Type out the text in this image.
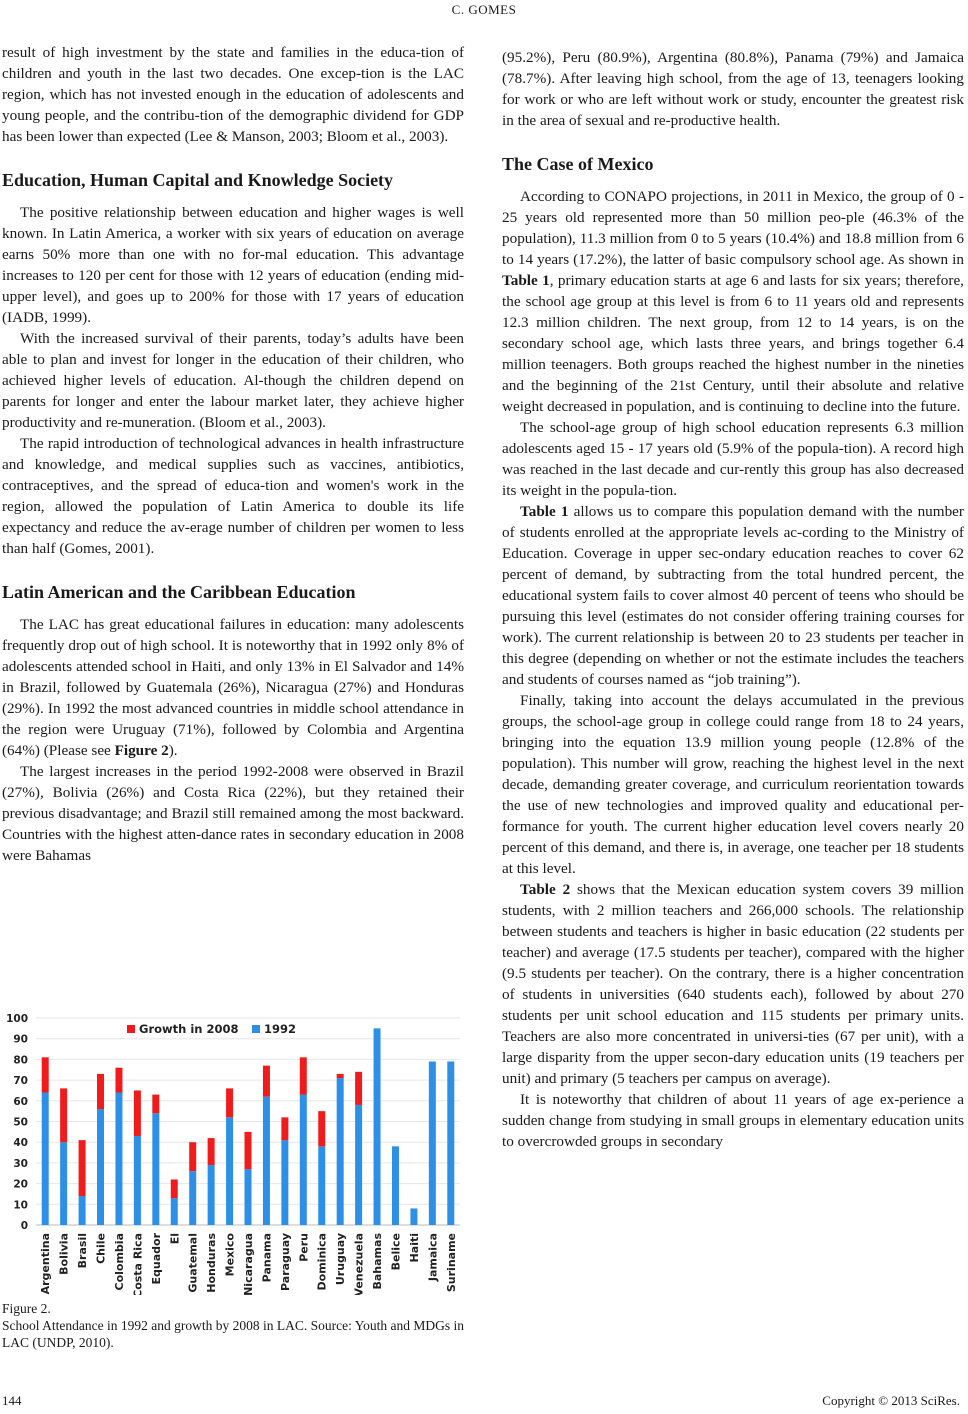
C. GOMES

result of high investment by the state and families in the educa-tion of children and youth in the last two decades. One excep-tion is the LAC region, which has not invested enough in the education of adolescents and young people, and the contribu-tion of the demographic dividend for GDP has been lower than expected (Lee & Manson, 2003; Bloom et al., 2003).

Education, Human Capital and Knowledge Society

The positive relationship between education and higher wages is well known. In Latin America, a worker with six years of education on average earns 50% more than one with no for-mal education. This advantage increases to 120 per cent for those with 12 years of education (ending mid-upper level), and goes up to 200% for those with 17 years of education (IADB, 1999).

With the increased survival of their parents, today’s adults have been able to plan and invest for longer in the education of their children, who achieved higher levels of education. Al-though the children depend on parents for longer and enter the labour market later, they achieve higher productivity and re-muneration. (Bloom et al., 2003).

The rapid introduction of technological advances in health infrastructure and knowledge, and medical supplies such as vaccines, antibiotics, contraceptives, and the spread of educa-tion and women's work in the region, allowed the population of Latin America to double its life expectancy and reduce the av-erage number of children per women to less than half (Gomes, 2001).

Latin American and the Caribbean Education

The LAC has great educational failures in education: many adolescents frequently drop out of high school. It is noteworthy that in 1992 only 8% of adolescents attended school in Haiti, and only 13% in El Salvador and 14% in Brazil, followed by Guatemala (26%), Nicaragua (27%) and Honduras (29%). In 1992 the most advanced countries in middle school attendance in the region were Uruguay (71%), followed by Colombia and Argentina (64%) (Please see Figure 2).

The largest increases in the period 1992-2008 were observed in Brazil (27%), Bolivia (26%) and Costa Rica (22%), but they retained their previous disadvantage; and Brazil still remained among the most backward. Countries with the highest atten-dance rates in secondary education in 2008 were Bahamas

(95.2%), Peru (80.9%), Argentina (80.8%), Panama (79%) and Jamaica (78.7%). After leaving high school, from the age of 13, teenagers looking for work or who are left without work or study, encounter the greatest risk in the area of sexual and re-productive health.

The Case of Mexico

According to CONAPO projections, in 2011 in Mexico, the group of 0 - 25 years old represented more than 50 million peo-ple (46.3% of the population), 11.3 million from 0 to 5 years (10.4%) and 18.8 million from 6 to 14 years (17.2%), the latter of basic compulsory school age. As shown in Table 1, primary education starts at age 6 and lasts for six years; therefore, the school age group at this level is from 6 to 11 years old and represents 12.3 million children. The next group, from 12 to 14 years, is on the secondary school age, which lasts three years, and brings together 6.4 million teenagers. Both groups reached the highest number in the nineties and the beginning of the 21st Century, until their absolute and relative weight decreased in population, and is continuing to decline into the future.

The school-age group of high school education represents 6.3 million adolescents aged 15 - 17 years old (5.9% of the popula-tion). A record high was reached in the last decade and cur-rently this group has also decreased its weight in the popula-tion.

Table 1 allows us to compare this population demand with the number of students enrolled at the appropriate levels ac-cording to the Ministry of Education. Coverage in upper sec-ondary education reaches to cover 62 percent of demand, by subtracting from the total hundred percent, the educational system fails to cover almost 40 percent of teens who should be pursuing this level (estimates do not consider offering training courses for work). The current relationship is between 20 to 23 students per teacher in this degree (depending on whether or not the estimate includes the teachers and students of courses named as “job training”).

Finally, taking into account the delays accumulated in the previous groups, the school-age group in college could range from 18 to 24 years, bringing into the equation 13.9 million young people (12.8% of the population). This number will grow, reaching the highest level in the next decade, demanding greater coverage, and curriculum reorientation towards the use of new technologies and improved quality and educational per-formance for youth. The current higher education level covers nearly 20 percent of this demand, and there is, in average, one teacher per 18 students at this level.

Table 2 shows that the Mexican education system covers 39 million students, with 2 million teachers and 266,000 schools. The relationship between students and teachers is higher in basic education (22 students per teacher) and average (17.5 students per teacher), compared with the higher (9.5 students per teacher). On the contrary, there is a higher concentration of students in universities (640 students each), followed by about 270 students per unit school education and 115 students per primary units. Teachers are also more concentrated in universi-ties (67 per unit), with a large disparity from the upper secon-dary education units (19 teachers per unit) and primary (5 teachers per campus on average).

It is noteworthy that children of about 11 years of age ex-perience a sudden change from studying in small groups in elementary education units to overcrowded groups in secondary

0
10
20
30
40
50
60
70
80
90
100
Argentina Bolivia Brasil Chile Colombia Costa Rica Equador El Guatemal Honduras Mexico Nicaragua Panama Paraguay Peru Dominica Uruguay Venezuela Bahamas Belice Haiti Jamaica Suriname
Growth in 2008 1992
Figure 2.
School Attendance in 1992 and growth by 2008 in LAC. Source: Youth and MDGs in LAC (UNDP, 2010).
144	Copyright © 2013 SciRes.
